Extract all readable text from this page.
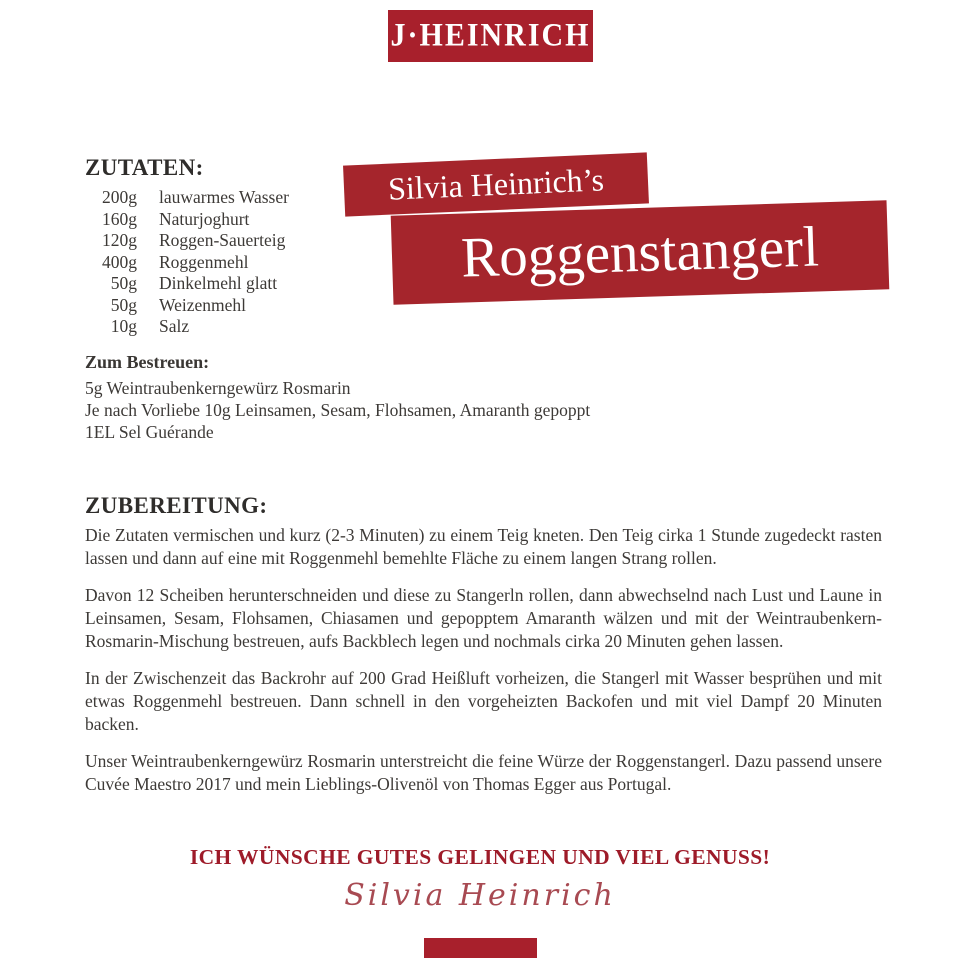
J·HEINRICH
ZUTATEN:
200g lauwarmes Wasser
160g Naturjoghurt
120g Roggen-Sauerteig
400g Roggenmehl
50g Dinkelmehl glatt
50g Weizenmehl
10g Salz
Silvia Heinrich’s
Roggenstangerl
Zum Bestreuen:
5g Weintraubenkerngewürz Rosmarin
Je nach Vorliebe 10g Leinsamen, Sesam, Flohsamen, Amaranth gepoppt
1EL Sel Guérande
ZUBEREITUNG:

Die Zutaten vermischen und kurz (2-3 Minuten) zu einem Teig kneten. Den Teig cirka 1 Stunde zugedeckt rasten lassen und dann auf eine mit Roggenmehl bemehlte Fläche zu einem langen Strang rollen.

Davon 12 Scheiben herunterschneiden und diese zu Stangerln rollen, dann abwechselnd nach Lust und Laune in Leinsamen, Sesam, Flohsamen, Chiasamen und gepopptem Amaranth wälzen und mit der Weintraubenkern-Rosmarin-Mischung bestreuen, aufs Backblech legen und nochmals cirka 20 Minuten gehen lassen.

In der Zwischenzeit das Backrohr auf 200 Grad Heißluft vorheizen, die Stangerl mit Wasser besprühen und mit etwas Roggenmehl bestreuen. Dann schnell in den vorgeheizten Backofen und mit viel Dampf 20 Minuten backen.

Unser Weintraubenkerngewürz Rosmarin unterstreicht die feine Würze der Roggenstangerl. Dazu passend unsere Cuvée Maestro 2017 und mein Lieblings-Olivenöl von Thomas Egger aus Portugal.

ICH WÜNSCHE GUTES GELINGEN UND VIEL GENUSS!
Silvia Heinrich
